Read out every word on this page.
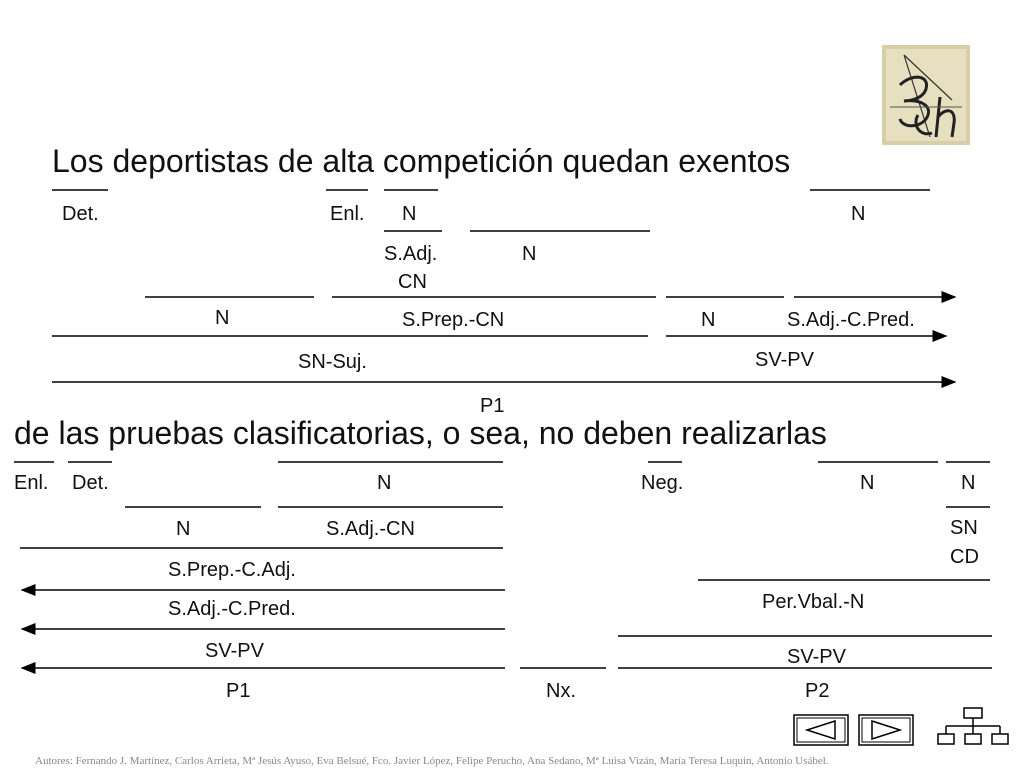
Los deportistas de alta competición quedan exentos
Det.	Enl. N	N
S.Adj.
CN
N
N	S.Prep.-CN	N	S.Adj.-C.Pred.
SN-Suj.	SV-PV
P1
de las pruebas clasificatorias, o sea, no deben realizarlas
Enl. Det.	N	Neg.	N	N
N	S.Adj.-CN	SN
CD
S.Prep.-C.Adj.
Per.Vbal.-N
S.Adj.-C.Pred.
SV-PV	SV-PV
P1	Nx.	P2
Autores: Fernando J. Martínez, Carlos Arrieta, Mª Jesús Ayuso, Eva Belsué, Fco. Javier López, Felipe Perucho, Ana Sedano, Mª Luisa Vizán, María Teresa Luquin, Antonio Usábel.
